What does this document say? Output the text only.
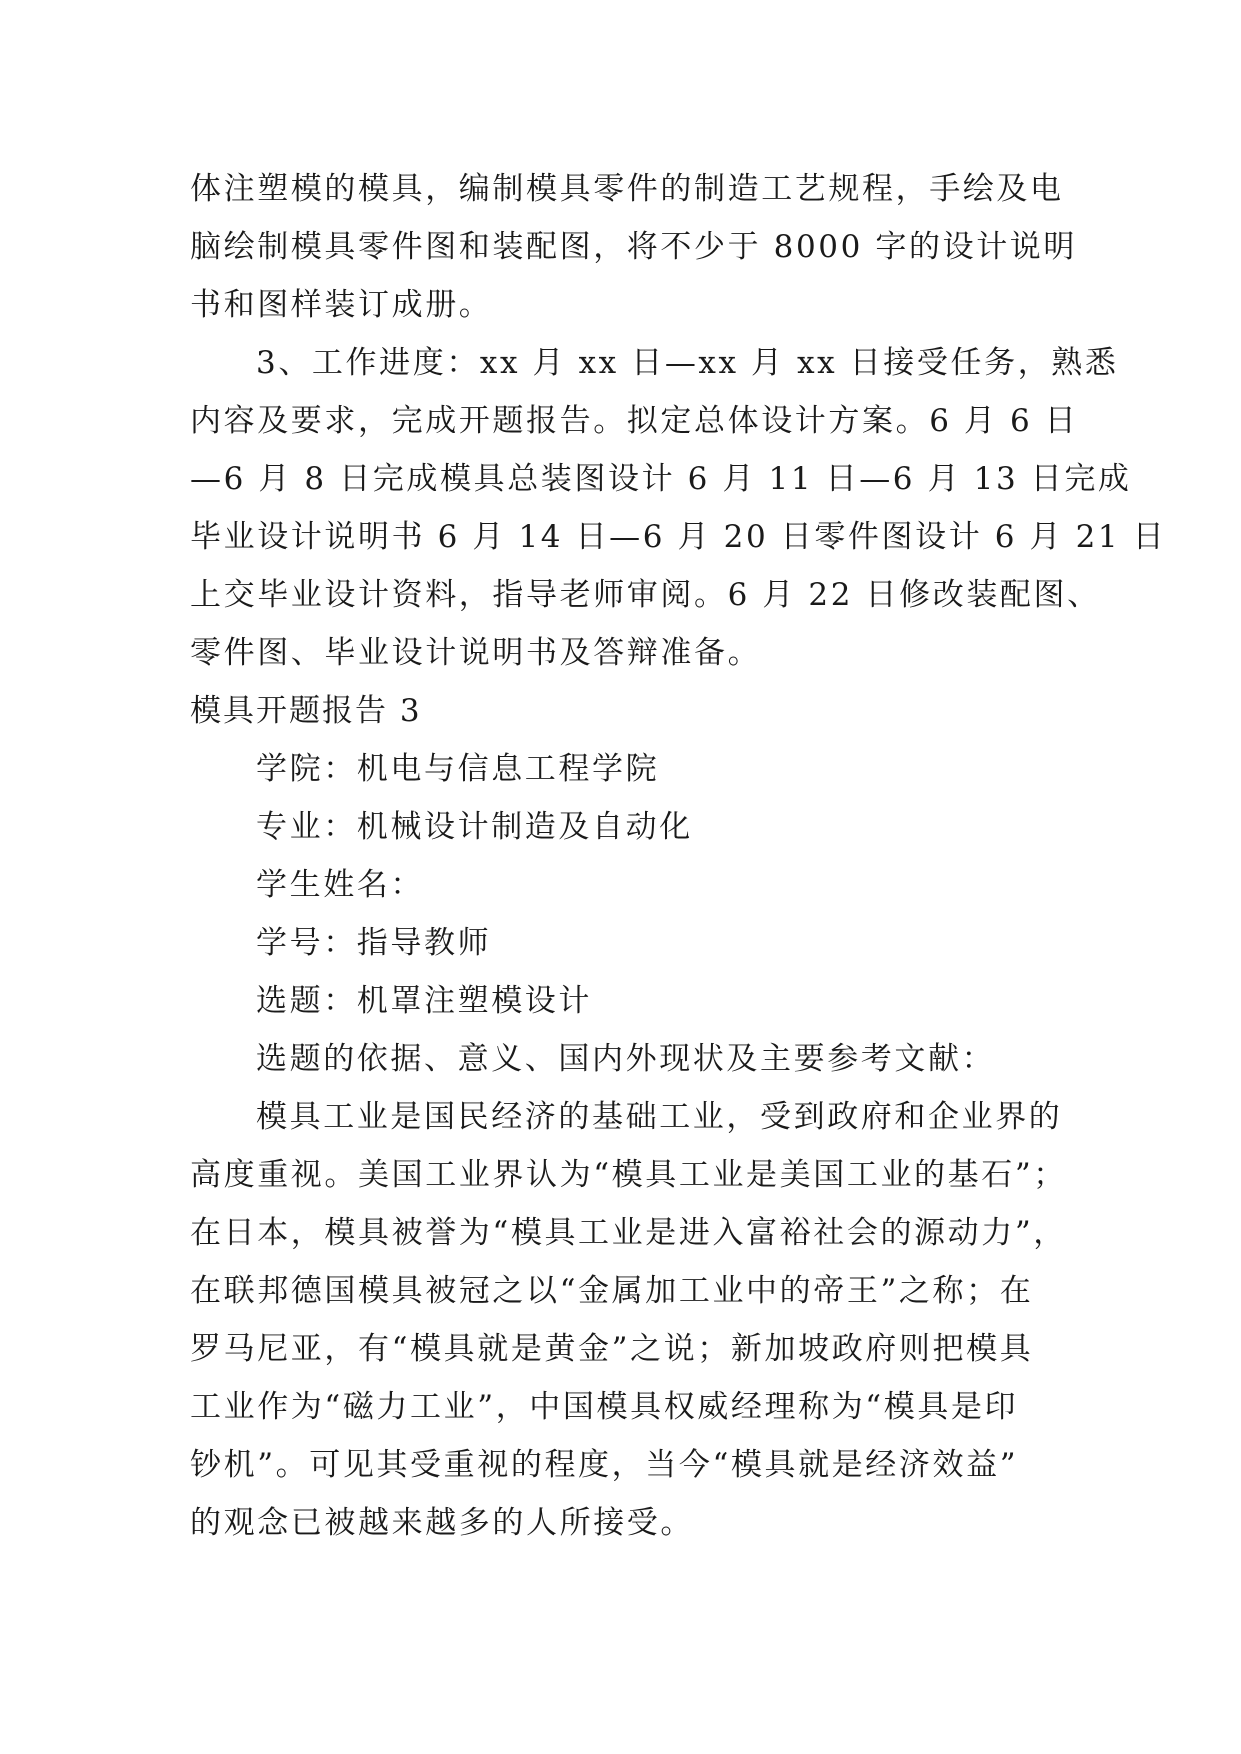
体注塑模的模具，编制模具零件的制造工艺规程，手绘及电
脑绘制模具零件图和装配图，将不少于 8000 字的设计说明
书和图样装订成册。
3、工作进度：xx 月 xx 日—xx 月 xx 日接受任务，熟悉
内容及要求，完成开题报告。拟定总体设计方案。6 月 6 日
—6 月 8 日完成模具总装图设计 6 月 11 日—6 月 13 日完成
毕业设计说明书 6 月 14 日—6 月 20 日零件图设计 6 月 21 日
上交毕业设计资料，指导老师审阅。6 月 22 日修改装配图、
零件图、毕业设计说明书及答辩准备。
模具开题报告 3
学院：机电与信息工程学院
专业：机械设计制造及自动化
学生姓名：
学号：指导教师
选题：机罩注塑模设计
选题的依据、意义、国内外现状及主要参考文献：
模具工业是国民经济的基础工业，受到政府和企业界的
高度重视。美国工业界认为“模具工业是美国工业的基石”；
在日本，模具被誉为“模具工业是进入富裕社会的源动力”，
在联邦德国模具被冠之以“金属加工业中的帝王”之称；在
罗马尼亚，有“模具就是黄金”之说；新加坡政府则把模具
工业作为“磁力工业”，中国模具权威经理称为“模具是印
钞机”。可见其受重视的程度，当今“模具就是经济效益”
的观念已被越来越多的人所接受。
